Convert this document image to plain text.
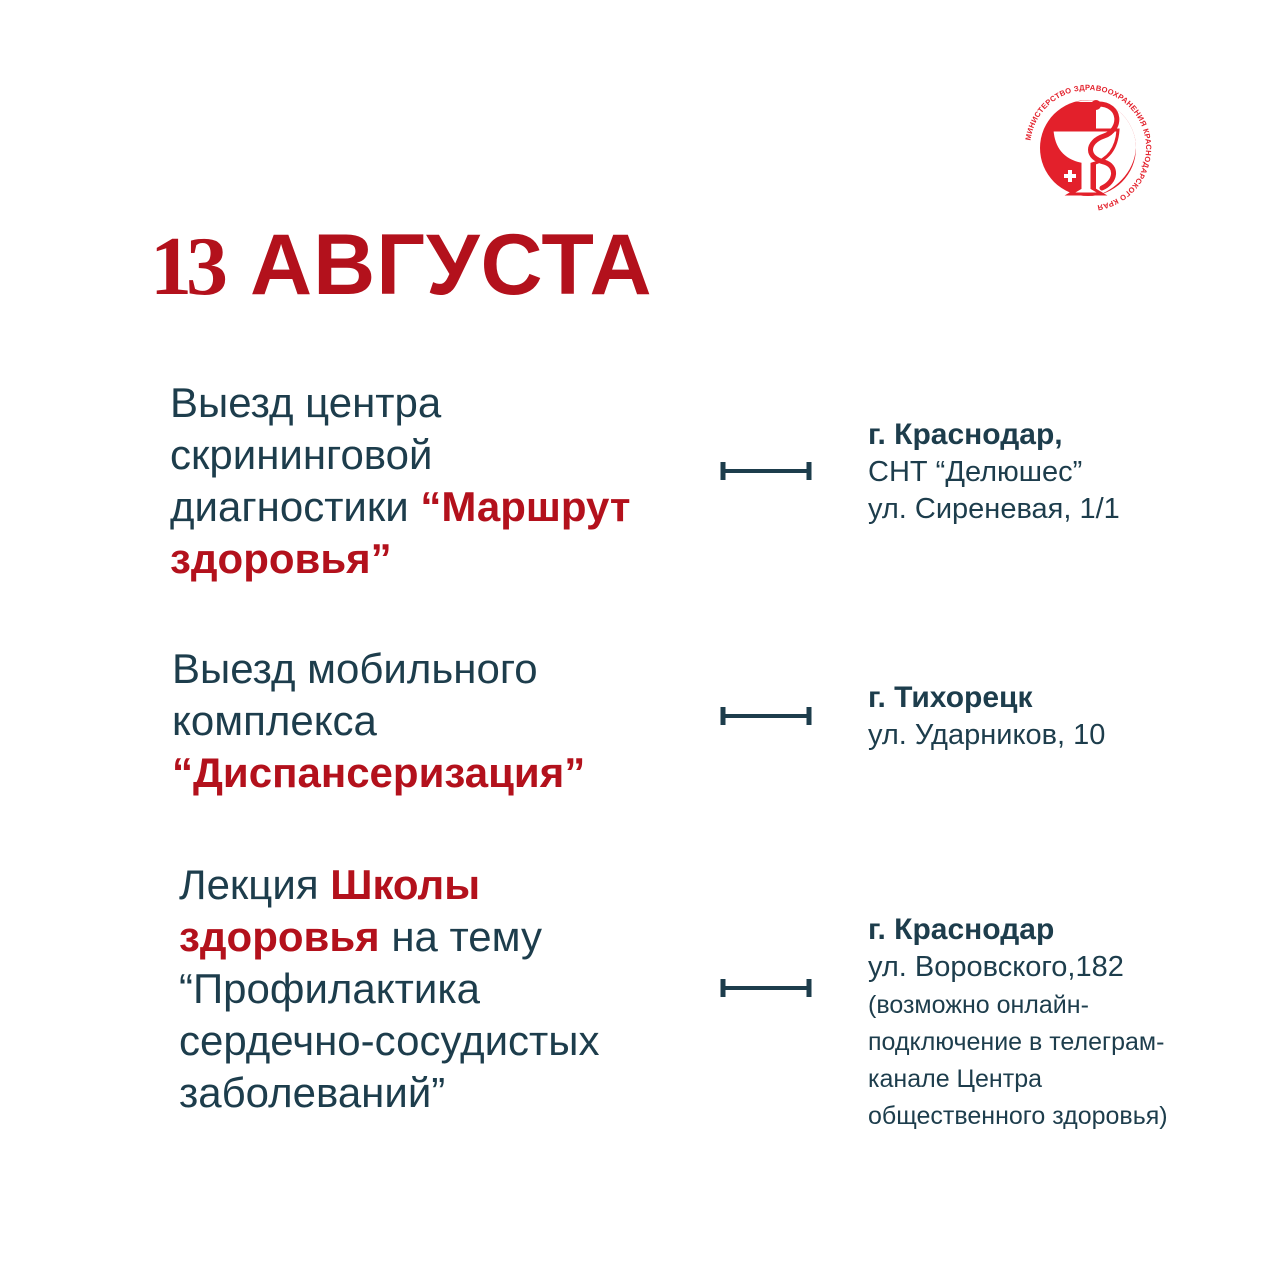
МИНИСТЕРСТВО ЗДРАВООХРАНЕНИЯ КРАСНОДАРСКОГО КРАЯ
13 АВГУСТА

Выезд центра
скрининговой
диагностики “Маршрут
здоровья”

г. Краснодар,
СНТ “Делюшес”
ул. Сиреневая, 1/1

Выезд мобильного
комплекса
“Диспансеризация”

г. Тихорецк
ул. Ударников, 10

Лекция Школы
здоровья на тему
“Профилактика
сердечно-сосудистых
заболеваний”

г. Краснодар
ул. Воровского,182
(возможно онлайн-
подключение в телеграм-
канале Центра
общественного здоровья)
